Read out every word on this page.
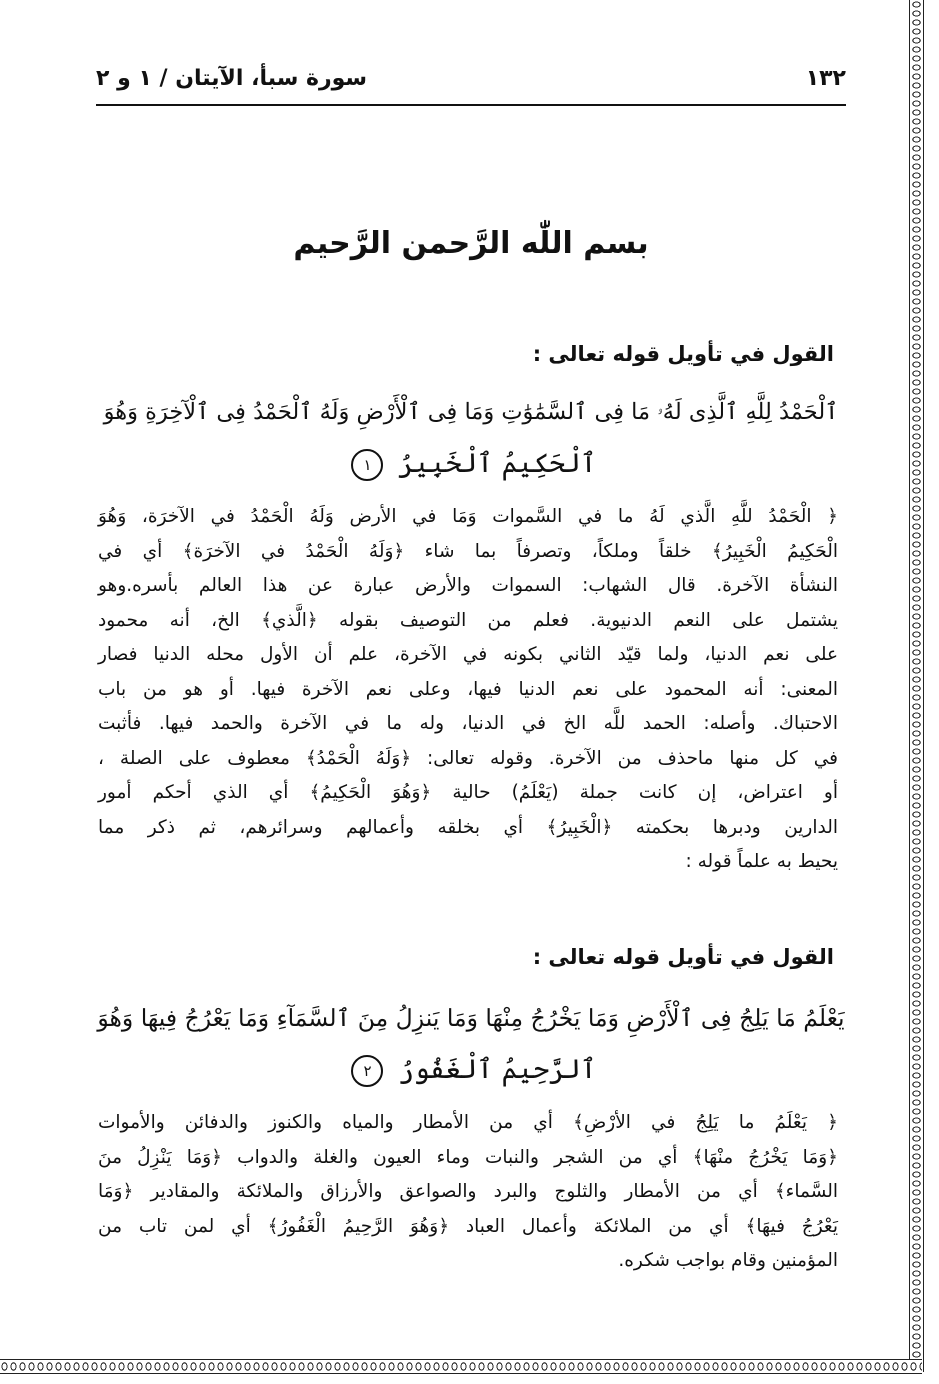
١٣٢
سورة سبأ، الآيتان / ١ و ٢
بسم اللّٰه الرَّحمن الرَّحيم
القول في تأويل قوله تعالى :
ٱلْحَمْدُ لِلَّهِ ٱلَّذِى لَهُۥ مَا فِى ٱلسَّمَٰوَٰتِ وَمَا فِى ٱلْأَرْضِ وَلَهُ ٱلْحَمْدُ فِى ٱلْآخِرَةِ وَهُوَ
ٱلْحَكِيمُ ٱلْخَبِيرُ ١
﴿ الْحَمْدُ للَّهِ الَّذي لَهُ ما في السَّموات وَمَا في الأرض وَلَهُ الْحَمْدُ في الآخرَة، وَهُوَ
الْحَكِيمُ الْخَبِيرُ﴾ خلقاً وملكاً، وتصرفاً بما شاء ﴿وَلَهُ الْحَمْدُ في الآخرَة﴾ أي في
النشأة الآخرة. قال الشهاب: السموات والأرض عبارة عن هذا العالم بأسره.وهو
يشتمل على النعم الدنيوية. فعلم من التوصيف بقوله ﴿الَّذي﴾ الخ، أنه محمود
على نعم الدنيا، ولما قيّد الثاني بكونه في الآخرة، علم أن الأول محله الدنيا فصار
المعنى: أنه المحمود على نعم الدنيا فيها، وعلى نعم الآخرة فيها. أو هو من باب
الاحتباك. وأصله: الحمد للَّه الخ في الدنيا، وله ما في الآخرة والحمد فيها. فأثبت
في كل منها ماحذف من الآخرة. وقوله تعالى: ﴿وَلَهُ الْحَمْدُ﴾ معطوف على الصلة ،
أو اعتراض، إن كانت جملة (يَعْلَمُ) حالية ﴿وَهُوَ الْحَكِيمُ﴾ أي الذي أحكم أمور
الدارين ودبرها بحكمته ﴿الْخَبِيرُ﴾ أي بخلقه وأعمالهم وسرائرهم، ثم ذكر مما
يحيط به علماً قوله :
القول في تأويل قوله تعالى :
يَعْلَمُ مَا يَلِجُ فِى ٱلْأَرْضِ وَمَا يَخْرُجُ مِنْهَا وَمَا يَنزِلُ مِنَ ٱلسَّمَآءِ وَمَا يَعْرُجُ فِيهَا وَهُوَ
ٱلرَّحِيمُ ٱلْغَفُورُ ٢
﴿ يَعْلَمُ ما يَلِجُ في الأرْضِ﴾ أي من الأمطار والمياه والكنوز والدفائن والأموات
﴿وَمَا يَخْرُجُ منْهَا﴾ أي من الشجر والنبات وماء العيون والغلة والدواب ﴿وَمَا يَنْزِلُ منَ
السَّماء﴾ أي من الأمطار والثلوج والبرد والصواعق والأرزاق والملائكة والمقادير ﴿وَمَا
يَعْرُجُ فيهَا﴾ أي من الملائكة وأعمال العباد ﴿وَهُوَ الرَّحِيمُ الْغَفُورُ﴾ أي لمن تاب من
المؤمنين وقام بواجب شكره.
